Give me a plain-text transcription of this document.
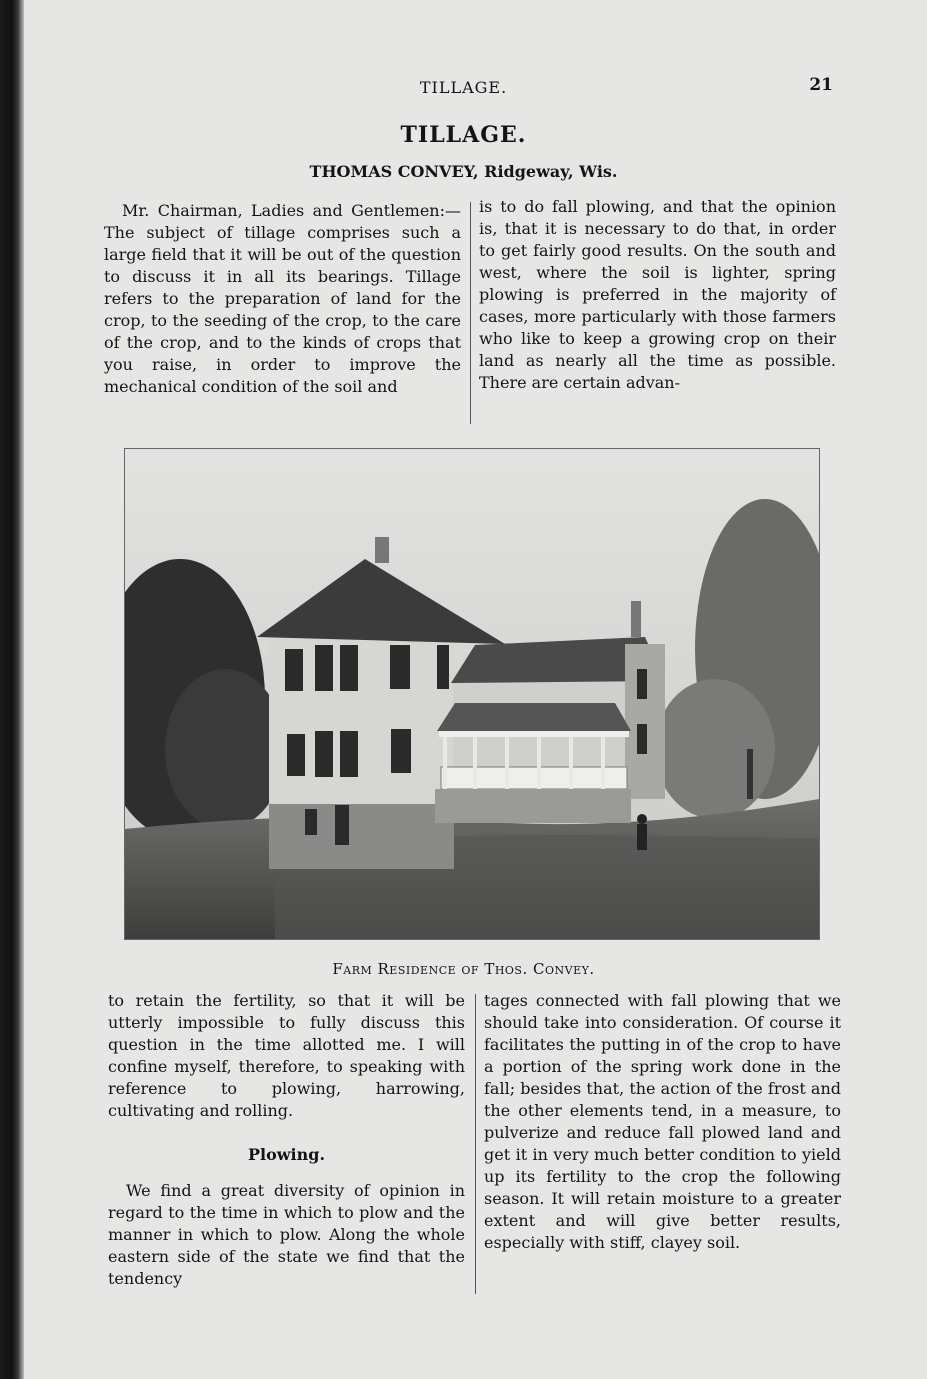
TILLAGE.	21
TILLAGE.
THOMAS CONVEY, Ridgeway, Wis.

Mr. Chairman, Ladies and Gentlemen:—The subject of tillage comprises such a large field that it will be out of the question to discuss it in all its bearings. Tillage refers to the preparation of land for the crop, to the seeding of the crop, to the care of the crop, and to the kinds of crops that you raise, in order to improve the mechanical condition of the soil and

is to do fall plowing, and that the opinion is, that it is necessary to do that, in order to get fairly good results. On the south and west, where the soil is lighter, spring plowing is preferred in the majority of cases, more particularly with those farmers who like to keep a growing crop on their land as nearly all the time as possible. There are certain advan-

Farm Residence of Thos. Convey.

to retain the fertility, so that it will be utterly impossible to fully discuss this question in the time allotted me. I will confine myself, therefore, to speaking with reference to plowing, harrowing, cultivating and rolling.

Plowing.

We find a great diversity of opinion in regard to the time in which to plow and the manner in which to plow. Along the whole eastern side of the state we find that the tendency

tages connected with fall plowing that we should take into consideration. Of course it facilitates the putting in of the crop to have a portion of the spring work done in the fall; besides that, the action of the frost and the other elements tend, in a measure, to pulverize and reduce fall plowed land and get it in very much better condition to yield up its fertility to the crop the following season. It will retain moisture to a greater extent and will give better results, especially with stiff, clayey soil.
